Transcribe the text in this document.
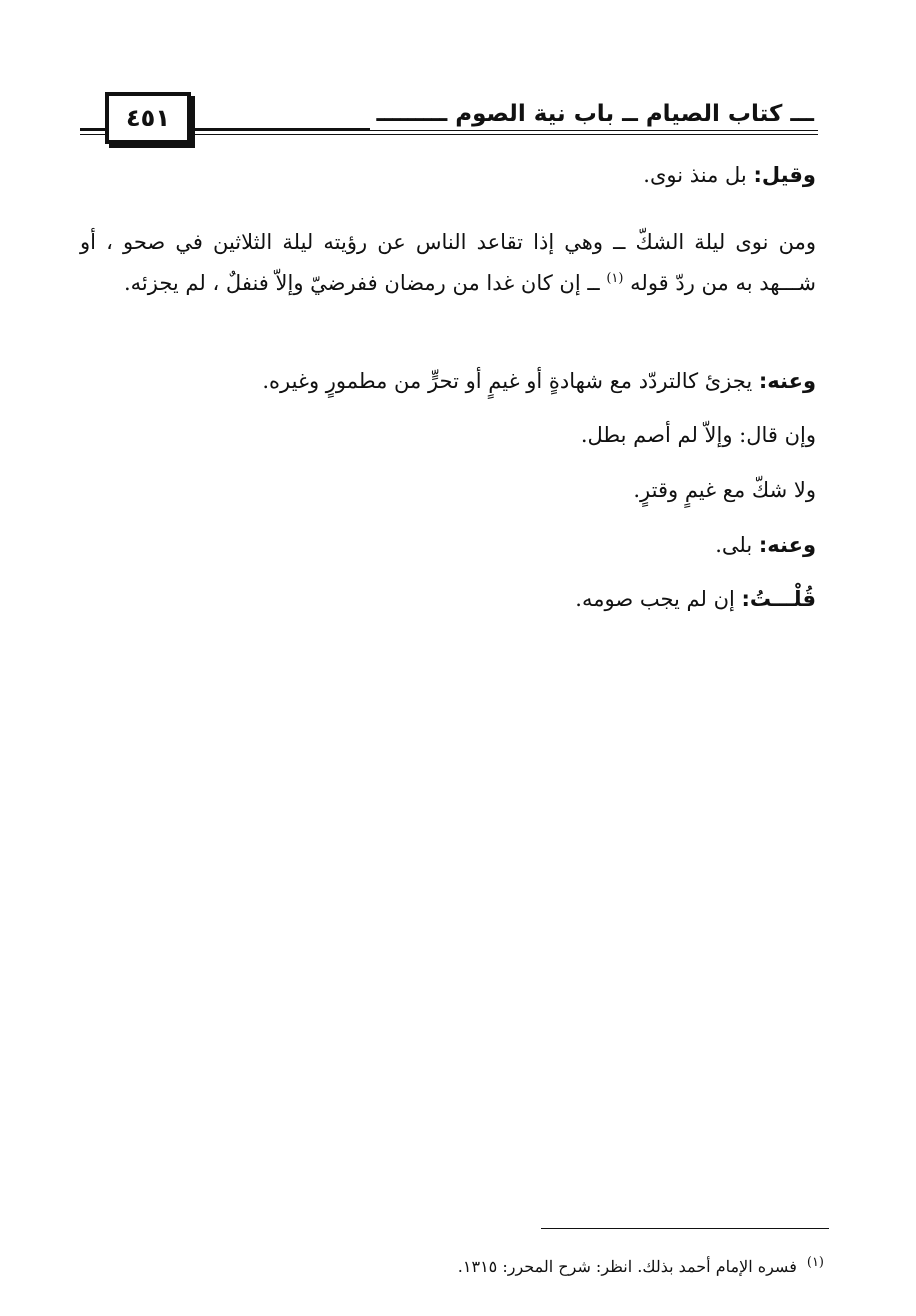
٤٥١	ـــ كتاب الصيام ــ باب نية الصوم ـــــــــ

وقيل: بل منذ نوى.

ومن نوى ليلة الشكّ ــ وهي إذا تقاعد الناس عن رؤيته ليلة الثلاثين في صحو ، أو شـــهد به من ردّ قوله $^{(١)}$ ــ إن كان غدا من رمضان ففرضيّ وإلاّ فنفلٌ ، لم يجزئه.

وعنه: يجزئ كالتردّد مع شهادةٍ أو غيمٍ أو تحرٍّ من مطمورٍ وغيره.

وإن قال: وإلاّ لم أصم بطل.

ولا شكّ مع غيمٍ وقترٍ.

وعنه: بلى.

قُلْـــتُ: إن لم يجب صومه.

$^{(١)}$فسره الإمام أحمد بذلك. انظر: شرح المحرر: ١٣١٥.
